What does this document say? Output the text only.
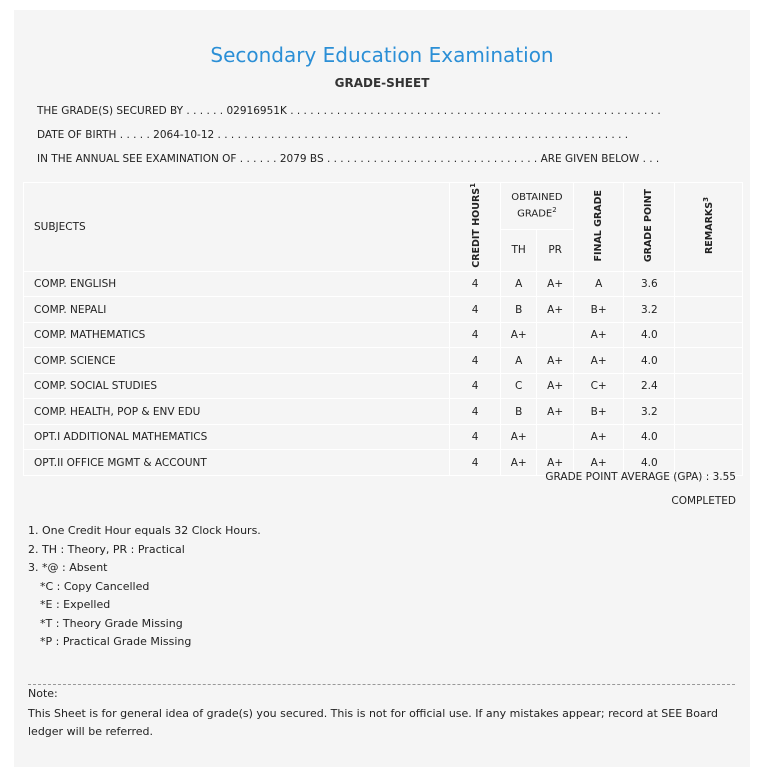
Secondary Education Examination
GRADE-SHEET
THE GRADE(S) SECURED BY . . . . . . 02916951K . . . . . . . . . . . . . . . . . . . . . . . . . . . . . . . . . . . . . . . . . . . . . . . . . . . . . . . .
DATE OF BIRTH . . . . . 2064-10-12 . . . . . . . . . . . . . . . . . . . . . . . . . . . . . . . . . . . . . . . . . . . . . . . . . . . . . . . . . . . . . .
IN THE ANNUAL SEE EXAMINATION OF . . . . . . 2079 BS . . . . . . . . . . . . . . . . . . . . . . . . . . . . . . . . ARE GIVEN BELOW . . .
SUBJECTS	CREDIT HOURS$^1$	OBTAINED GRADE$^2$		FINAL GRADE	GRADE POINT	REMARKS$^3$
		TH	PR			
COMP. ENGLISH	4	A	A+	A	3.6	
COMP. NEPALI	4	B	A+	B+	3.2	
COMP. MATHEMATICS	4	A+		A+	4.0	
COMP. SCIENCE	4	A	A+	A+	4.0	
COMP. SOCIAL STUDIES	4	C	A+	C+	2.4	
COMP. HEALTH, POP & ENV EDU	4	B	A+	B+	3.2	
OPT.I ADDITIONAL MATHEMATICS	4	A+		A+	4.0	
OPT.II OFFICE MGMT & ACCOUNT	4	A+	A+	A+	4.0	
GRADE POINT AVERAGE (GPA) : 3.55
COMPLETED
1. One Credit Hour equals 32 Clock Hours.
2. TH : Theory, PR : Practical
3. *@ : Absent
*C : Copy Cancelled
*E : Expelled
*T : Theory Grade Missing
*P : Practical Grade Missing
Note:
This Sheet is for general idea of grade(s) you secured. This is not for official use. If any mistakes appear; record at SEE Board ledger will be referred.
